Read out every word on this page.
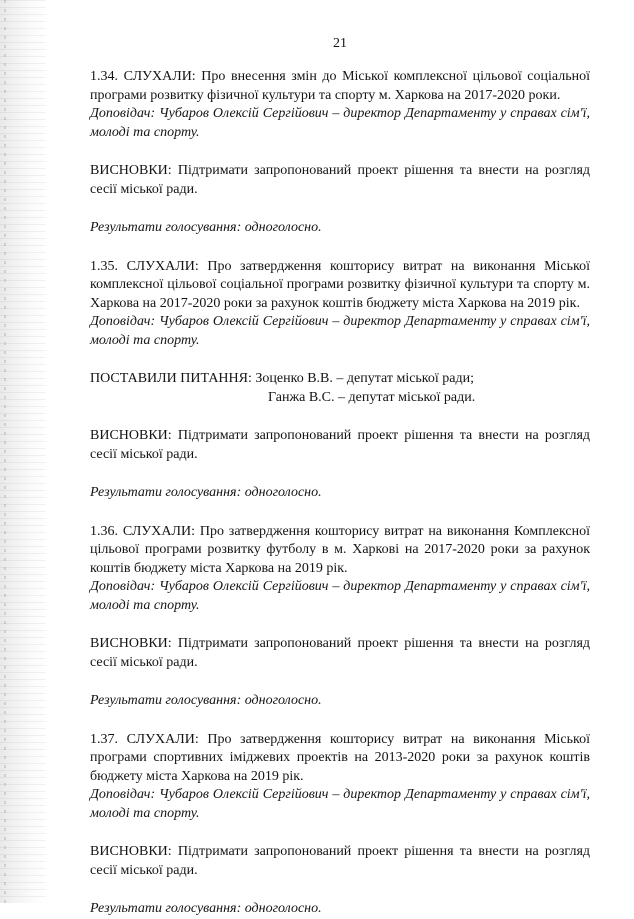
21

1.34. СЛУХАЛИ: Про внесення змін до Міської комплексної цільової соціальної програми розвитку фізичної культури та спорту м. Харкова на 2017-2020 роки.

Доповідач: Чубаров Олексій Сергійович – директор Департаменту у справах сім'ї, молоді та спорту.

ВИСНОВКИ: Підтримати запропонований проект рішення та внести на розгляд сесії міської ради.

Результати голосування: одноголосно.

1.35. СЛУХАЛИ: Про затвердження кошторису витрат на виконання Міської комплексної цільової соціальної програми розвитку фізичної культури та спорту м. Харкова на 2017-2020 роки за рахунок коштів бюджету міста Харкова на 2019 рік.

Доповідач: Чубаров Олексій Сергійович – директор Департаменту у справах сім'ї, молоді та спорту.

ПОСТАВИЛИ ПИТАННЯ: Зоценко В.В. – депутат міської ради;
Ганжа В.С. – депутат міської ради.

ВИСНОВКИ: Підтримати запропонований проект рішення та внести на розгляд сесії міської ради.

Результати голосування: одноголосно.

1.36. СЛУХАЛИ: Про затвердження кошторису витрат на виконання Комплексної цільової програми розвитку футболу в м. Харкові на 2017-2020 роки за рахунок коштів бюджету міста Харкова на 2019 рік.

Доповідач: Чубаров Олексій Сергійович – директор Департаменту у справах сім'ї, молоді та спорту.

ВИСНОВКИ: Підтримати запропонований проект рішення та внести на розгляд сесії міської ради.

Результати голосування: одноголосно.

1.37. СЛУХАЛИ: Про затвердження кошторису витрат на виконання Міської програми спортивних іміджевих проектів на 2013-2020 роки за рахунок коштів бюджету міста Харкова на 2019 рік.

Доповідач: Чубаров Олексій Сергійович – директор Департаменту у справах сім'ї, молоді та спорту.

ВИСНОВКИ: Підтримати запропонований проект рішення та внести на розгляд сесії міської ради.

Результати голосування: одноголосно.
